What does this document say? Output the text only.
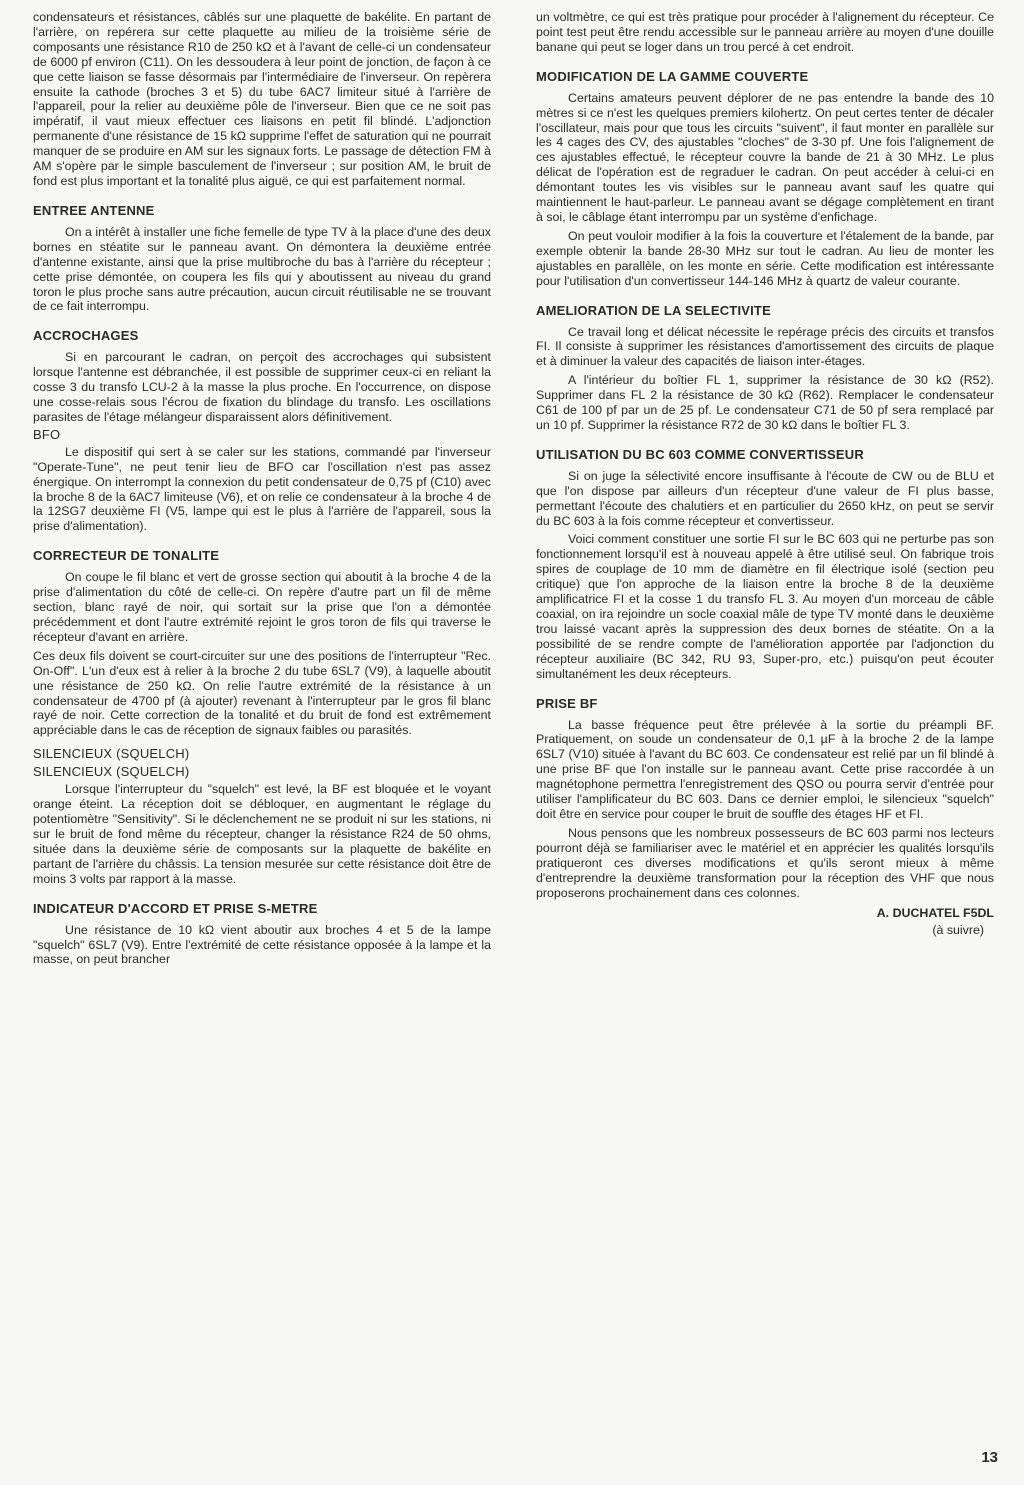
condensateurs et résistances, câblés sur une plaquette de bakélite. En partant de l'arrière, on repérera sur cette plaquette au milieu de la troisième série de composants une résistance R10 de 250 kΩ et à l'avant de celle-ci un condensateur de 6000 pf environ (C11). On les dessoudera à leur point de jonction, de façon à ce que cette liaison se fasse désormais par l'intermédiaire de l'inverseur. On repèrera ensuite la cathode (broches 3 et 5) du tube 6AC7 limiteur situé à l'arrière de l'appareil, pour la relier au deuxième pôle de l'inverseur. Bien que ce ne soit pas impératif, il vaut mieux effectuer ces liaisons en petit fil blindé. L'adjonction permanente d'une résistance de 15 kΩ supprime l'effet de saturation qui ne pourrait manquer de se produire en AM sur les signaux forts. Le passage de détection FM à AM s'opère par le simple basculement de l'inverseur ; sur position AM, le bruit de fond est plus important et la tonalité plus aiguë, ce qui est parfaitement normal.

ENTREE ANTENNE

On a intérêt à installer une fiche femelle de type TV à la place d'une des deux bornes en stéatite sur le panneau avant. On démontera la deuxième entrée d'antenne existante, ainsi que la prise multibroche du bas à l'arrière du récepteur ; cette prise démontée, on coupera les fils qui y aboutissent au niveau du grand toron le plus proche sans autre précaution, aucun circuit réutilisable ne se trouvant de ce fait interrompu.

ACCROCHAGES

Si en parcourant le cadran, on perçoit des accrochages qui subsistent lorsque l'antenne est débranchée, il est possible de supprimer ceux-ci en reliant la cosse 3 du transfo LCU-2 à la masse la plus proche. En l'occurrence, on dispose une cosse-relais sous l'écrou de fixation du blindage du transfo. Les oscillations parasites de l'étage mélangeur disparaissent alors définitivement.

BFO

Le dispositif qui sert à se caler sur les stations, commandé par l'inverseur "Operate-Tune", ne peut tenir lieu de BFO car l'oscillation n'est pas assez énergique. On interrompt la connexion du petit condensateur de 0,75 pf (C10) avec la broche 8 de la 6AC7 limiteuse (V6), et on relie ce condensateur à la broche 4 de la 12SG7 deuxième FI (V5, lampe qui est le plus à l'arrière de l'appareil, sous la prise d'alimentation).

CORRECTEUR DE TONALITE

On coupe le fil blanc et vert de grosse section qui aboutit à la broche 4 de la prise d'alimentation du côté de celle-ci. On repère d'autre part un fil de même section, blanc rayé de noir, qui sortait sur la prise que l'on a démontée précédemment et dont l'autre extrémité rejoint le gros toron de fils qui traverse le récepteur d'avant en arrière.

Ces deux fils doivent se court-circuiter sur une des positions de l'interrupteur "Rec. On-Off". L'un d'eux est à relier à la broche 2 du tube 6SL7 (V9), à laquelle aboutit une résistance de 250 kΩ. On relie l'autre extrémité de la résistance à un condensateur de 4700 pf (à ajouter) revenant à l'interrupteur par le gros fil blanc rayé de noir. Cette correction de la tonalité et du bruit de fond est extrêmement appréciable dans le cas de réception de signaux faibles ou parasités.

SILENCIEUX (SQUELCH)
SILENCIEUX (SQUELCH)

Lorsque l'interrupteur du "squelch" est levé, la BF est bloquée et le voyant orange éteint. La réception doit se débloquer, en augmentant le réglage du potentiomètre "Sensitivity". Si le déclenchement ne se produit ni sur les stations, ni sur le bruit de fond même du récepteur, changer la résistance R24 de 50 ohms, située dans la deuxième série de composants sur la plaquette de bakélite en partant de l'arrière du châssis. La tension mesurée sur cette résistance doit être de moins 3 volts par rapport à la masse.

INDICATEUR D'ACCORD ET PRISE S-METRE

Une résistance de 10 kΩ vient aboutir aux broches 4 et 5 de la lampe "squelch" 6SL7 (V9). Entre l'extrémité de cette résistance opposée à la lampe et la masse, on peut brancher

un voltmètre, ce qui est très pratique pour procéder à l'alignement du récepteur. Ce point test peut être rendu accessible sur le panneau arrière au moyen d'une douille banane qui peut se loger dans un trou percé à cet endroit.

MODIFICATION DE LA GAMME COUVERTE

Certains amateurs peuvent déplorer de ne pas entendre la bande des 10 mètres si ce n'est les quelques premiers kilohertz. On peut certes tenter de décaler l'oscillateur, mais pour que tous les circuits "suivent", il faut monter en parallèle sur les 4 cages des CV, des ajustables "cloches" de 3-30 pf. Une fois l'alignement de ces ajustables effectué, le récepteur couvre la bande de 21 à 30 MHz. Le plus délicat de l'opération est de regraduer le cadran. On peut accéder à celui-ci en démontant toutes les vis visibles sur le panneau avant sauf les quatre qui maintiennent le haut-parleur. Le panneau avant se dégage complètement en tirant à soi, le câblage étant interrompu par un système d'enfichage.

On peut vouloir modifier à la fois la couverture et l'étalement de la bande, par exemple obtenir la bande 28-30 MHz sur tout le cadran. Au lieu de monter les ajustables en parallèle, on les monte en série. Cette modification est intéressante pour l'utilisation d'un convertisseur 144-146 MHz à quartz de valeur courante.

AMELIORATION DE LA SELECTIVITE

Ce travail long et délicat nécessite le repérage précis des circuits et transfos FI. Il consiste à supprimer les résistances d'amortissement des circuits de plaque et à diminuer la valeur des capacités de liaison inter-étages.

A l'intérieur du boîtier FL 1, supprimer la résistance de 30 kΩ (R52). Supprimer dans FL 2 la résistance de 30 kΩ (R62). Remplacer le condensateur C61 de 100 pf par un de 25 pf. Le condensateur C71 de 50 pf sera remplacé par un 10 pf. Supprimer la résistance R72 de 30 kΩ dans le boîtier FL 3.

UTILISATION DU BC 603 COMME CONVERTISSEUR

Si on juge la sélectivité encore insuffisante à l'écoute de CW ou de BLU et que l'on dispose par ailleurs d'un récepteur d'une valeur de FI plus basse, permettant l'écoute des chalutiers et en particulier du 2650 kHz, on peut se servir du BC 603 à la fois comme récepteur et convertisseur.

Voici comment constituer une sortie FI sur le BC 603 qui ne perturbe pas son fonctionnement lorsqu'il est à nouveau appelé à être utilisé seul. On fabrique trois spires de couplage de 10 mm de diamètre en fil électrique isolé (section peu critique) que l'on approche de la liaison entre la broche 8 de la deuxième amplificatrice FI et la cosse 1 du transfo FL 3. Au moyen d'un morceau de câble coaxial, on ira rejoindre un socle coaxial mâle de type TV monté dans le deuxième trou laissé vacant après la suppression des deux bornes de stéatite. On a la possibilité de se rendre compte de l'amélioration apportée par l'adjonction du récepteur auxiliaire (BC 342, RU 93, Super-pro, etc.) puisqu'on peut écouter simultanément les deux récepteurs.

PRISE BF

La basse fréquence peut être prélevée à la sortie du préampli BF. Pratiquement, on soude un condensateur de 0,1 µF à la broche 2 de la lampe 6SL7 (V10) située à l'avant du BC 603. Ce condensateur est relié par un fil blindé à une prise BF que l'on installe sur le panneau avant. Cette prise raccordée à un magnétophone permettra l'enregistrement des QSO ou pourra servir d'entrée pour utiliser l'amplificateur du BC 603. Dans ce dernier emploi, le silencieux "squelch" doit être en service pour couper le bruit de souffle des étages HF et FI.

Nous pensons que les nombreux possesseurs de BC 603 parmi nos lecteurs pourront déjà se familiariser avec le matériel et en apprécier les qualités lorsqu'ils pratiqueront ces diverses modifications et qu'ils seront mieux à même d'entreprendre la deuxième transformation pour la réception des VHF que nous proposerons prochainement dans ces colonnes.

A. DUCHATEL F5DL

(à suivre)

13
